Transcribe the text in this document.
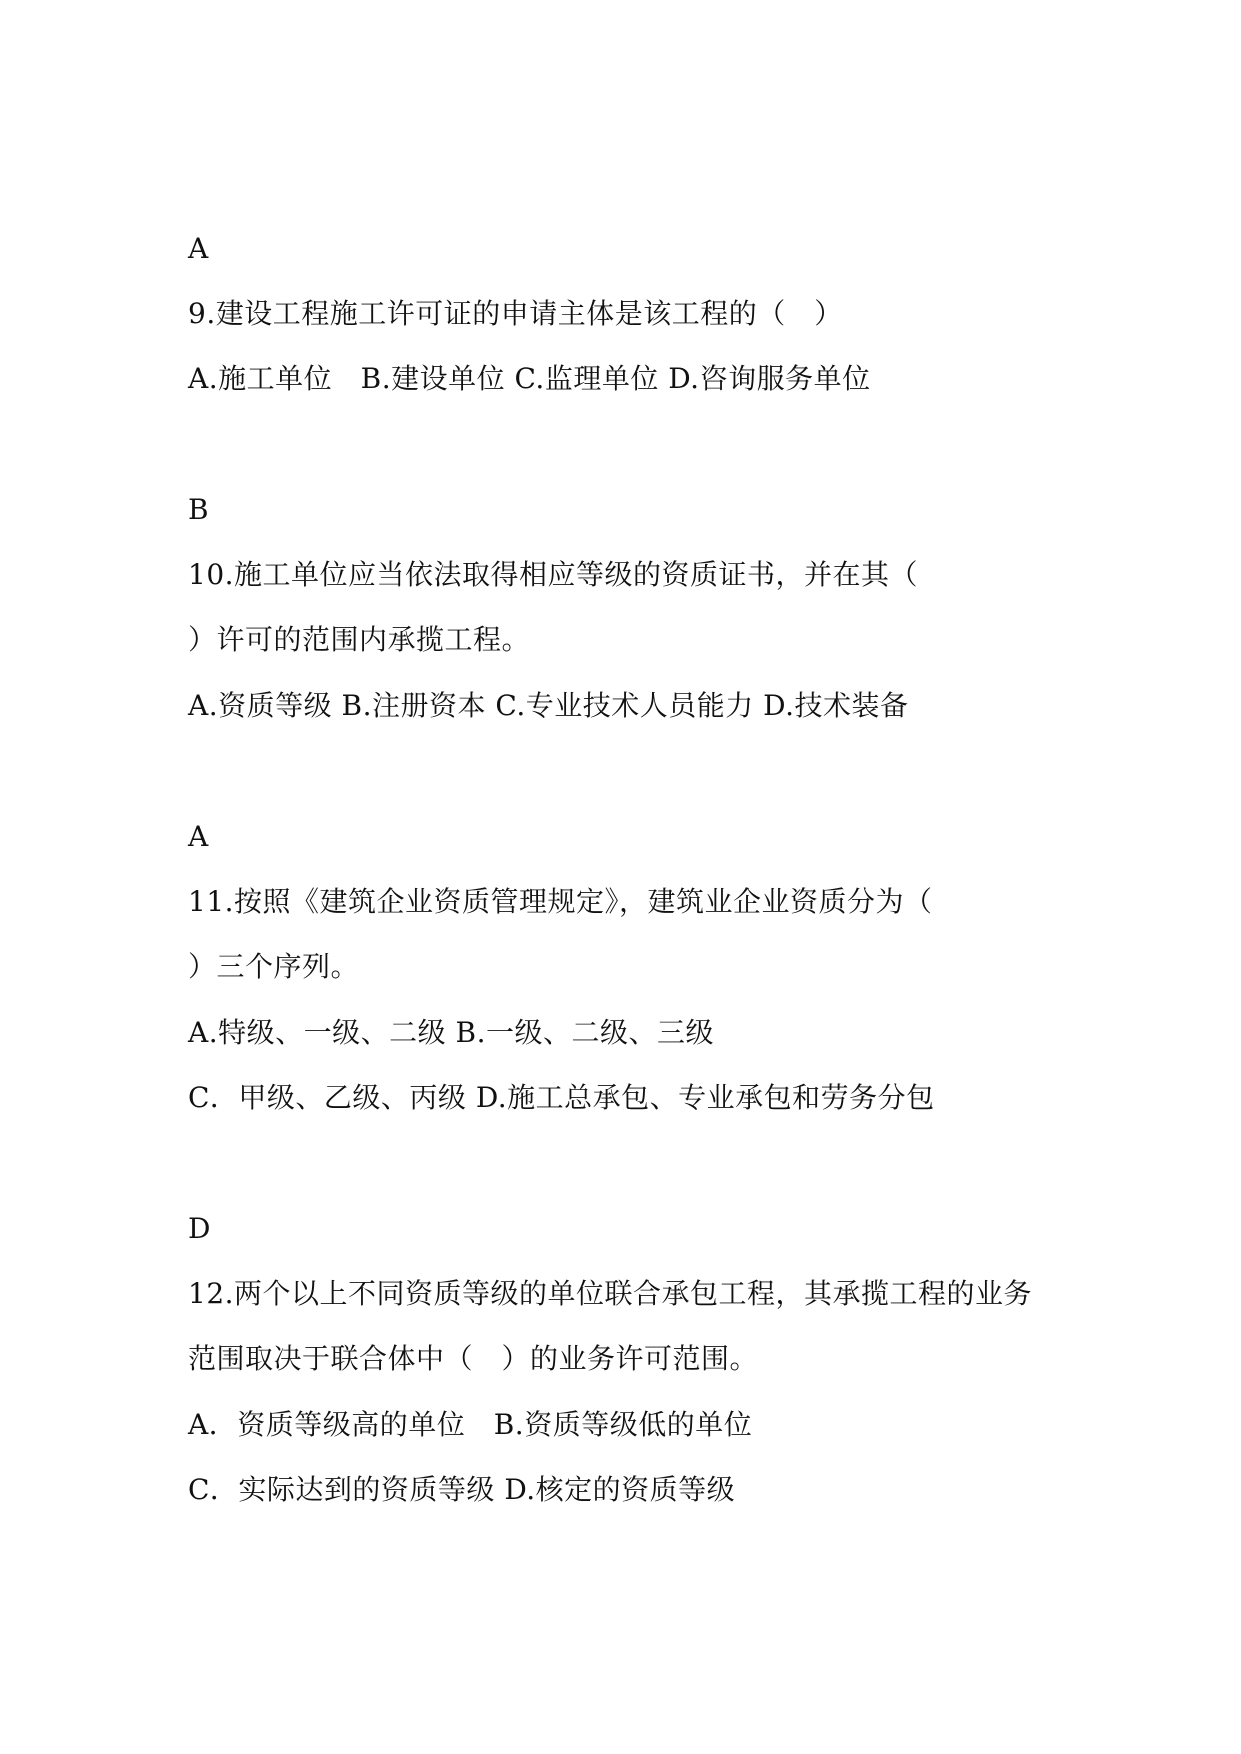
A
9.建设工程施工许可证的申请主体是该工程的（　）
A.施工单位　B.建设单位 C.监理单位 D.咨询服务单位
B
10.施工单位应当依法取得相应等级的资质证书，并在其（
）许可的范围内承揽工程。
A.资质等级 B.注册资本 C.专业技术人员能力 D.技术装备
A
11.按照《建筑企业资质管理规定》，建筑业企业资质分为（
）三个序列。
A.特级、一级、二级 B.一级、二级、三级
C．甲级、乙级、丙级 D.施工总承包、专业承包和劳务分包
D
12.两个以上不同资质等级的单位联合承包工程，其承揽工程的业务
范围取决于联合体中（　）的业务许可范围。
A．资质等级高的单位　B.资质等级低的单位
C．实际达到的资质等级 D.核定的资质等级
